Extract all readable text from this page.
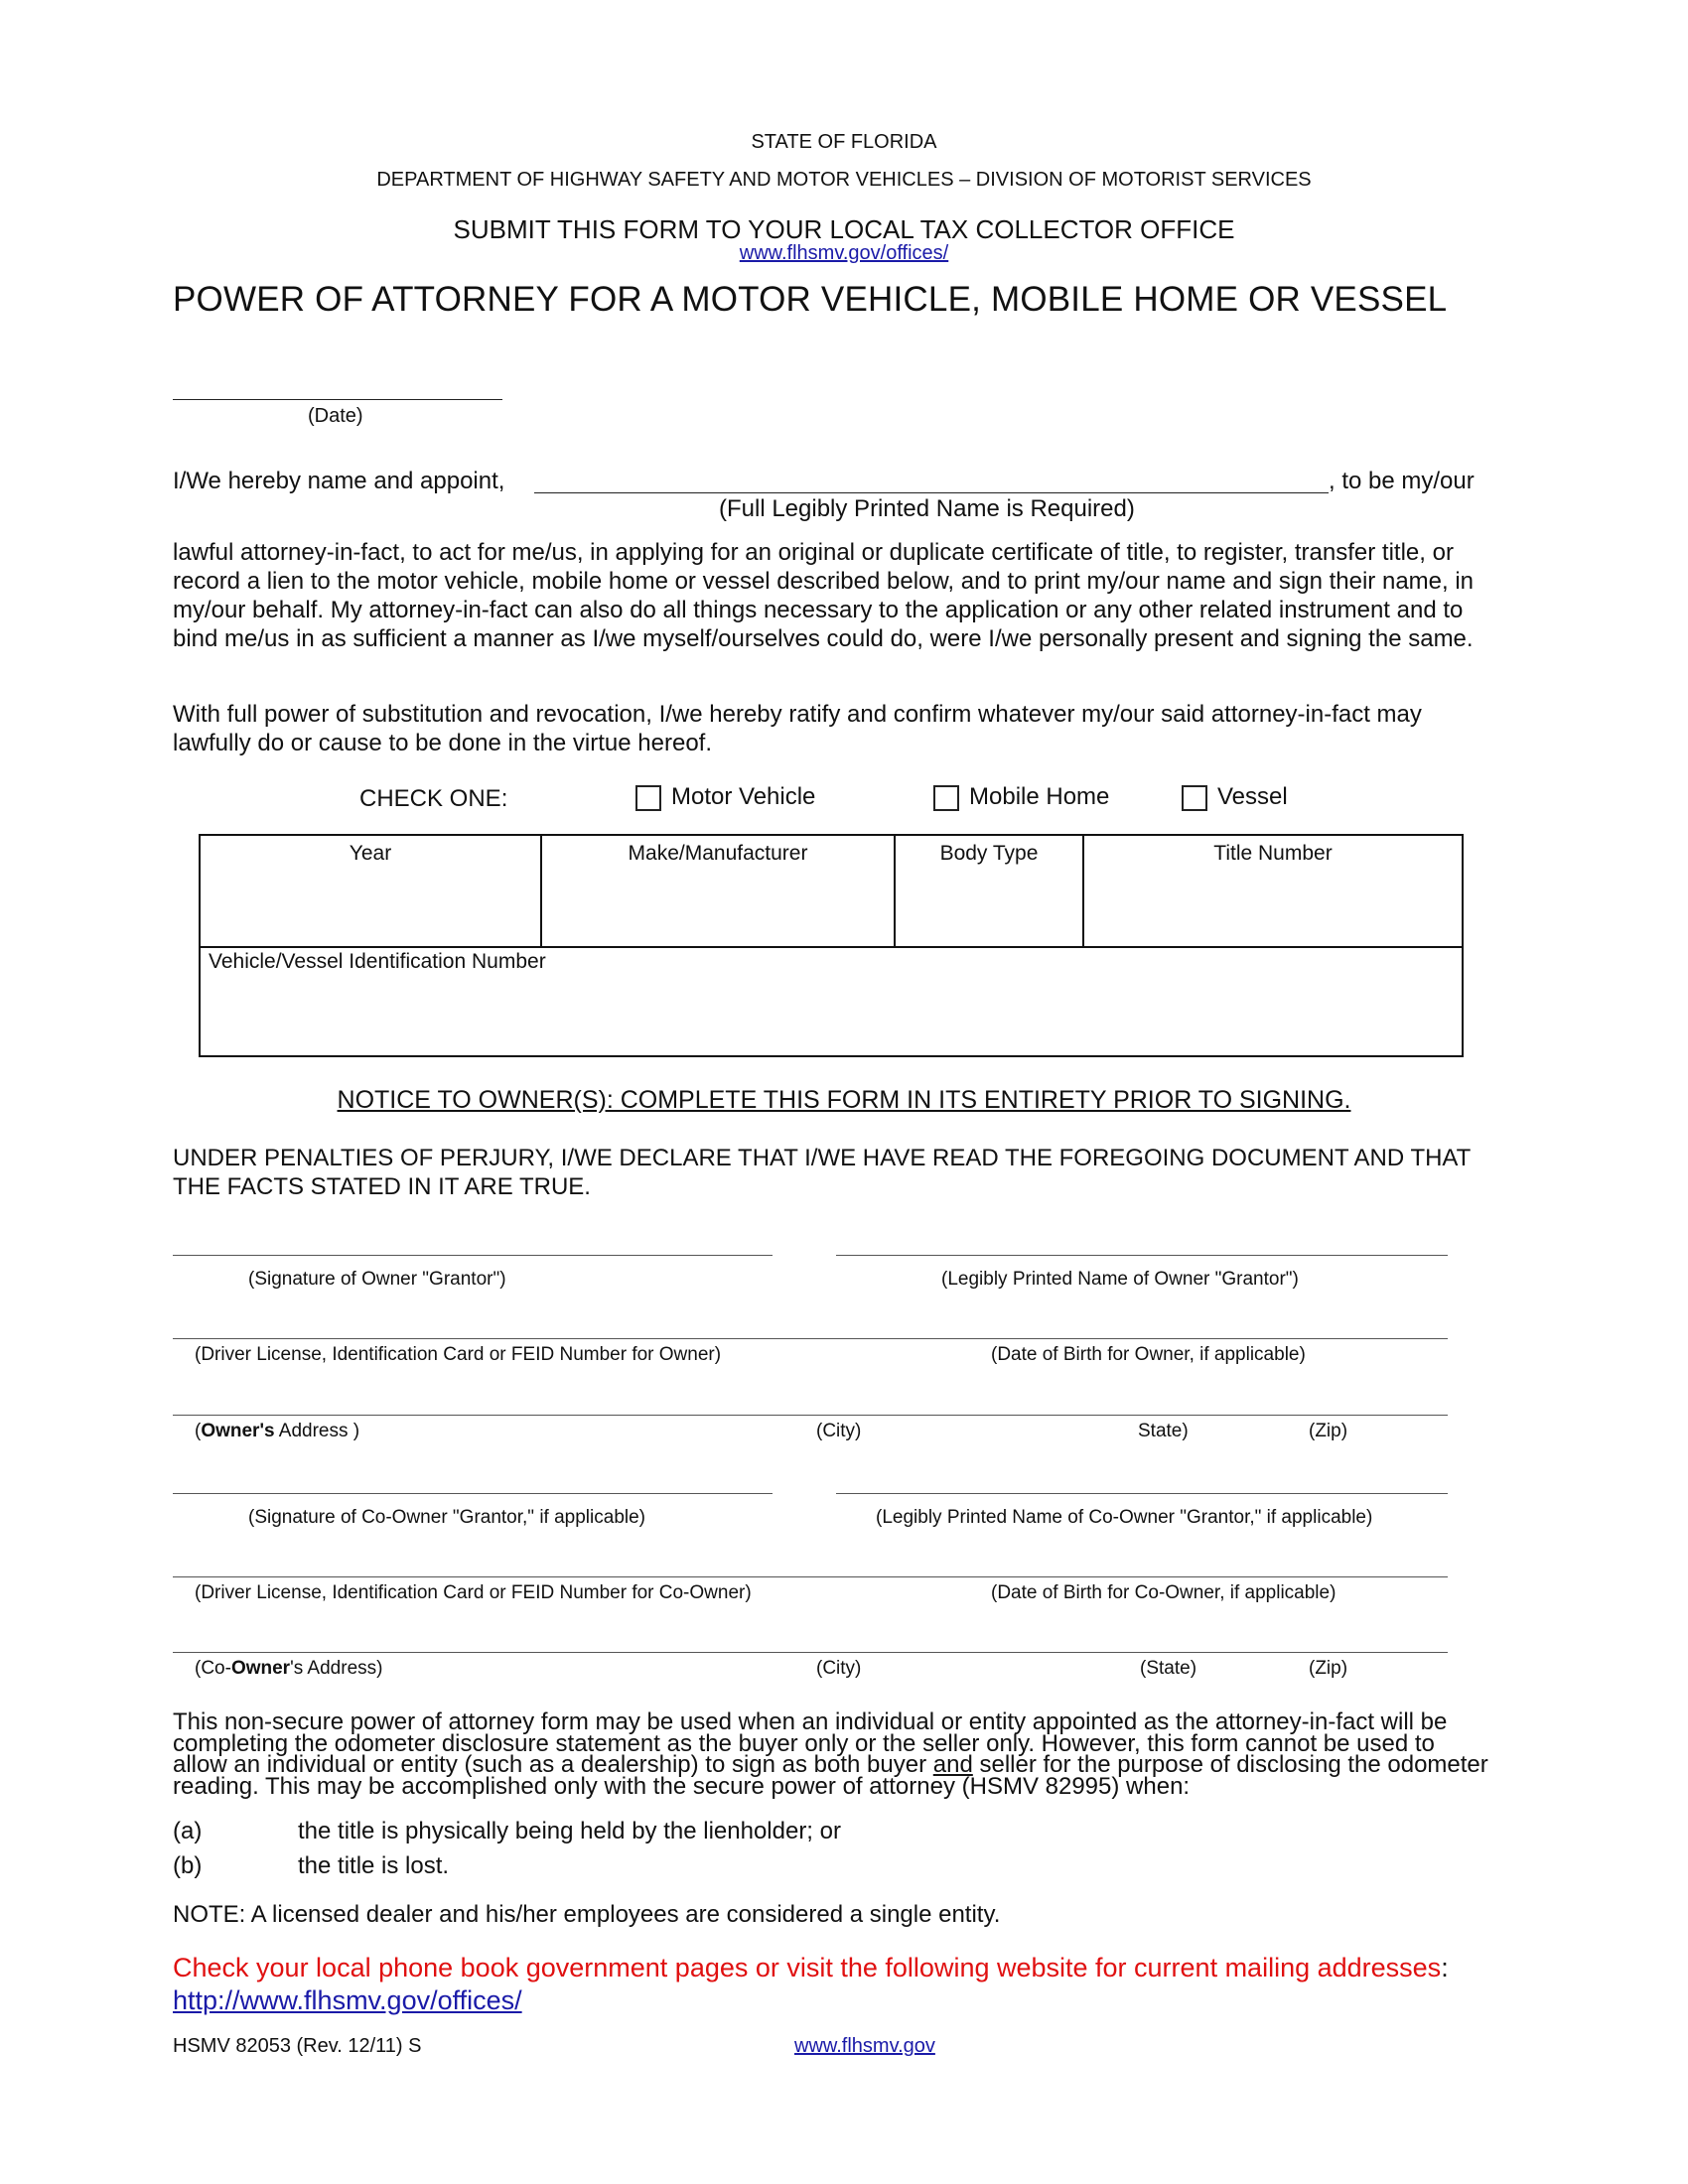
STATE OF FLORIDA
DEPARTMENT OF HIGHWAY SAFETY AND MOTOR VEHICLES – DIVISION OF MOTORIST SERVICES
SUBMIT THIS FORM TO YOUR LOCAL TAX COLLECTOR OFFICE
www.flhsmv.gov/offices/
POWER OF ATTORNEY FOR A MOTOR VEHICLE, MOBILE HOME OR VESSEL
(Date)
I/We hereby name and appoint,	, to be my/our
(Full Legibly Printed Name is Required)
lawful attorney-in-fact, to act for me/us, in applying for an original or duplicate certificate of title, to register, transfer title, or record a lien to the motor vehicle, mobile home or vessel described below, and to print my/our name and sign their name, in my/our behalf. My attorney-in-fact can also do all things necessary to the application or any other related instrument and to bind me/us in as sufficient a manner as I/we myself/ourselves could do, were I/we personally present and signing the same.
With full power of substitution and revocation, I/we hereby ratify and confirm whatever my/our said attorney-in-fact may lawfully do or cause to be done in the virtue hereof.
CHECK ONE:	Motor Vehicle	Mobile Home	Vessel
Year	Make/Manufacturer	Body Type	Title Number
Vehicle/Vessel Identification Number
NOTICE TO OWNER(S): COMPLETE THIS FORM IN ITS ENTIRETY PRIOR TO SIGNING.
UNDER PENALTIES OF PERJURY, I/WE DECLARE THAT I/WE HAVE READ THE FOREGOING DOCUMENT AND THAT THE FACTS STATED IN IT ARE TRUE.
(Signature of Owner "Grantor")	(Legibly Printed Name of Owner "Grantor")
(Driver License, Identification Card or FEID Number for Owner)	(Date of Birth for Owner, if applicable)
(Owner's Address )	(City)	State)	(Zip)
(Signature of Co-Owner "Grantor," if applicable)	(Legibly Printed Name of Co-Owner "Grantor," if applicable)
(Driver License, Identification Card or FEID Number for Co-Owner)	(Date of Birth for Co-Owner, if applicable)
(Co-Owner's Address)	(City)	(State)	(Zip)
This non-secure power of attorney form may be used when an individual or entity appointed as the attorney-in-fact will be completing the odometer disclosure statement as the buyer only or the seller only. However, this form cannot be used to allow an individual or entity (such as a dealership) to sign as both buyer and seller for the purpose of disclosing the odometer reading. This may be accomplished only with the secure power of attorney (HSMV 82995) when:
(a)	the title is physically being held by the lienholder; or
(b)	the title is lost.
NOTE: A licensed dealer and his/her employees are considered a single entity.
Check your local phone book government pages or visit the following website for current mailing addresses:
http://www.flhsmv.gov/offices/
HSMV 82053 (Rev. 12/11) S	www.flhsmv.gov
